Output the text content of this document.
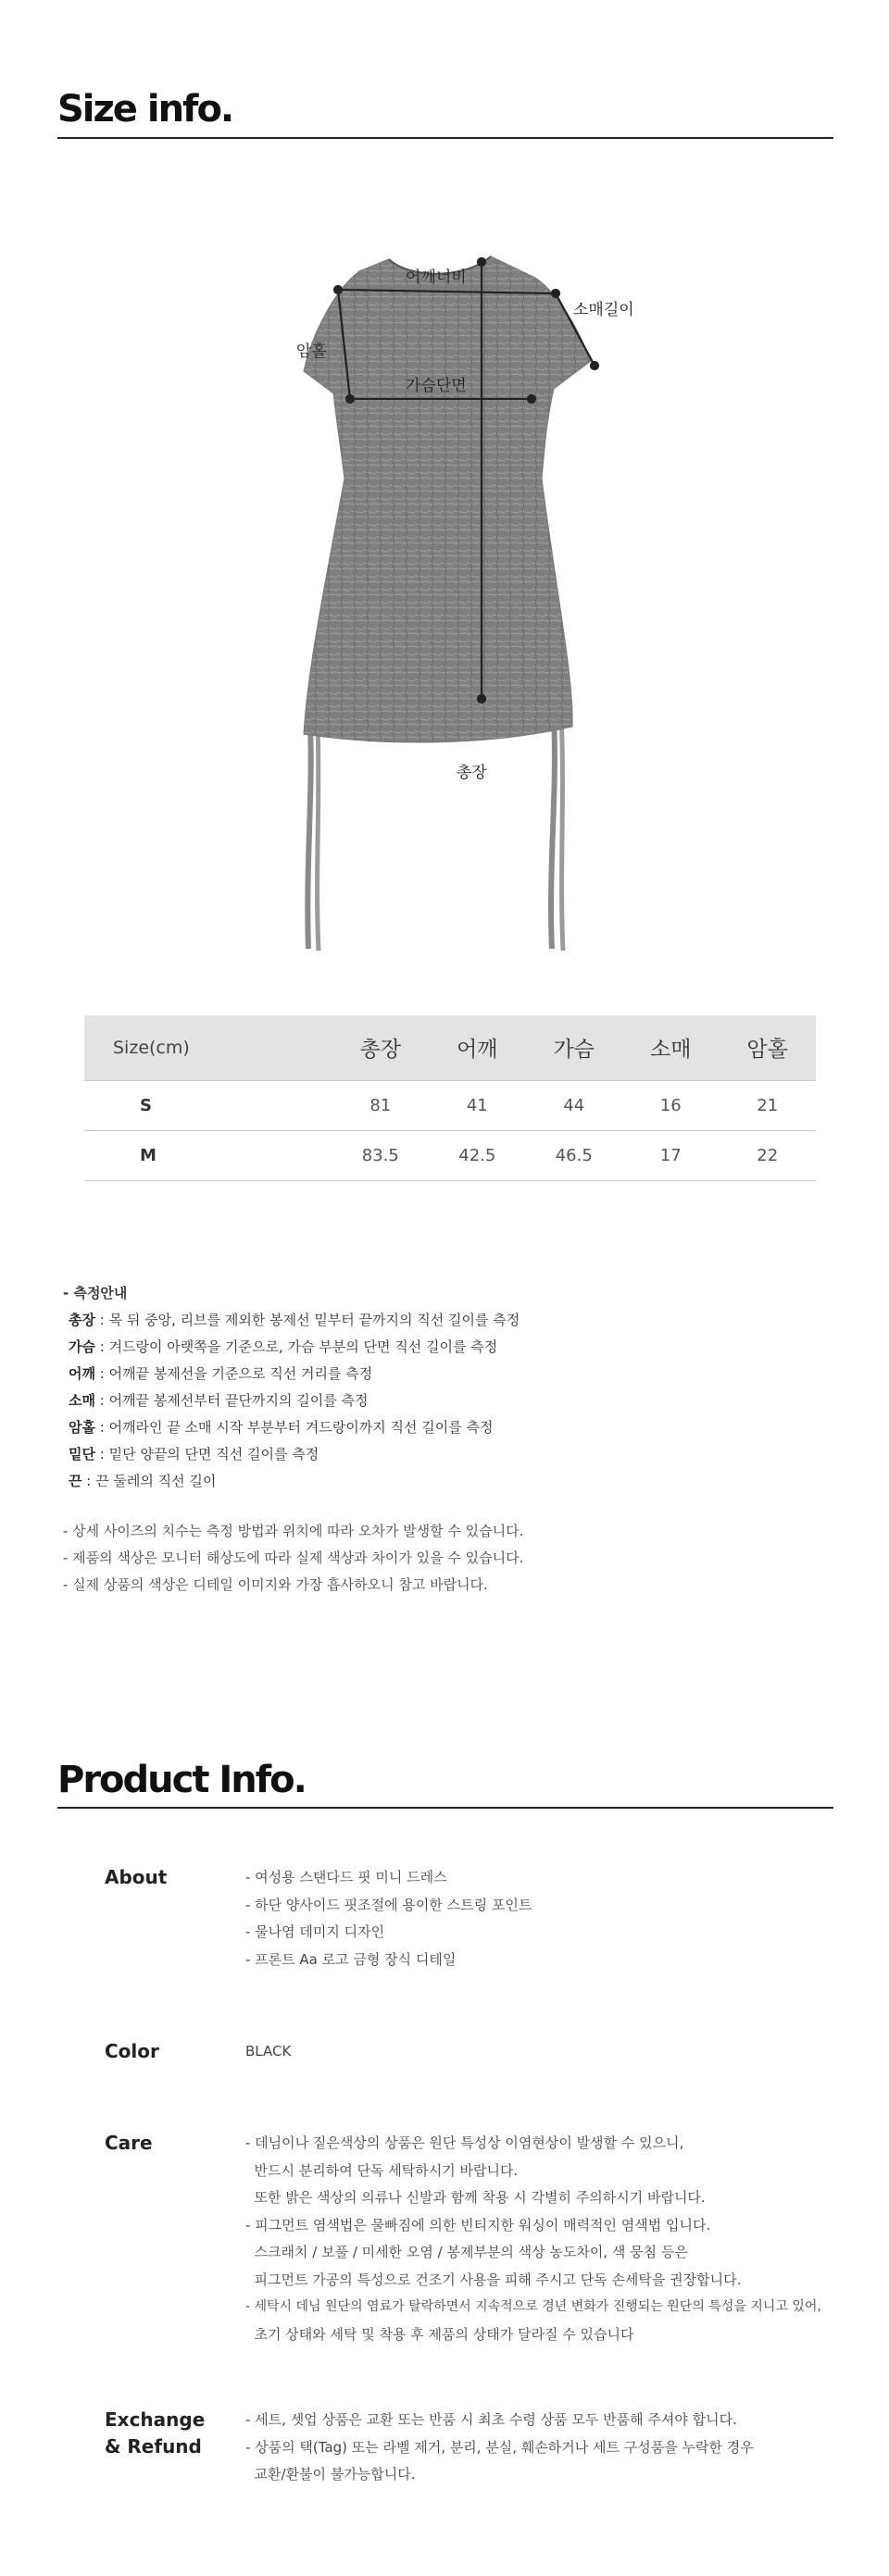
Size info.
어깨너비
소매길이
암홀
가슴단면
총장
Size(cm)	총장	어깨	가슴	소매	암홀
S	81	41	44	16	21
M	83.5	42.5	46.5	17	22
- 측정안내
총장 : 목 뒤 중앙, 리브를 제외한 봉제선 밑부터 끝까지의 직선 길이를 측정
가슴 : 겨드랑이 아랫쪽을 기준으로, 가슴 부분의 단면 직선 길이를 측정
어깨 : 어깨끝 봉제선을 기준으로 직선 거리를 측정
소매 : 어깨끝 봉제선부터 끝단까지의 길이를 측정
암홀 : 어깨라인 끝 소매 시작 부분부터 겨드랑이까지 직선 길이를 측정
밑단 : 밑단 양끝의 단면 직선 길이를 측정
끈 : 끈 둘레의 직선 길이
- 상세 사이즈의 치수는 측정 방법과 위치에 따라 오차가 발생할 수 있습니다.
- 제품의 색상은 모니터 해상도에 따라 실제 색상과 차이가 있을 수 있습니다.
- 실제 상품의 색상은 디테일 이미지와 가장 흡사하오니 참고 바랍니다.
Product Info.
About	- 여성용 스탠다드 핏 미니 드레스
- 하단 양사이드 핏조절에 용이한 스트링 포인트
- 물나염 데미지 디자인
- 프론트 Aa 로고 금형 장식 디테일
Color	BLACK
Care	- 데님이나 짙은색상의 상품은 원단 특성상 이염현상이 발생할 수 있으니,
반드시 분리하여 단독 세탁하시기 바랍니다.
또한 밝은 색상의 의류나 신발과 함께 착용 시 각별히 주의하시기 바랍니다.
- 피그먼트 염색법은 물빠짐에 의한 빈티지한 워싱이 매력적인 염색법 입니다.
스크래치 / 보풀 / 미세한 오염 / 봉제부분의 색상 농도차이, 색 뭉침 등은
피그먼트 가공의 특성으로 건조기 사용을 피해 주시고 단독 손세탁을 권장합니다.
- 세탁시 데님 원단의 염료가 탈락하면서 지속적으로 경년 변화가 진행되는 원단의 특성을 지니고 있어,
초기 상태와 세탁 및 착용 후 제품의 상태가 달라질 수 있습니다
Exchange
& Refund
- 세트, 셋업 상품은 교환 또는 반품 시 최초 수령 상품 모두 반품해 주셔야 합니다.
- 상품의 택(Tag) 또는 라벨 제거, 분리, 분실, 훼손하거나 세트 구성품을 누락한 경우
교환/환불이 불가능합니다.
